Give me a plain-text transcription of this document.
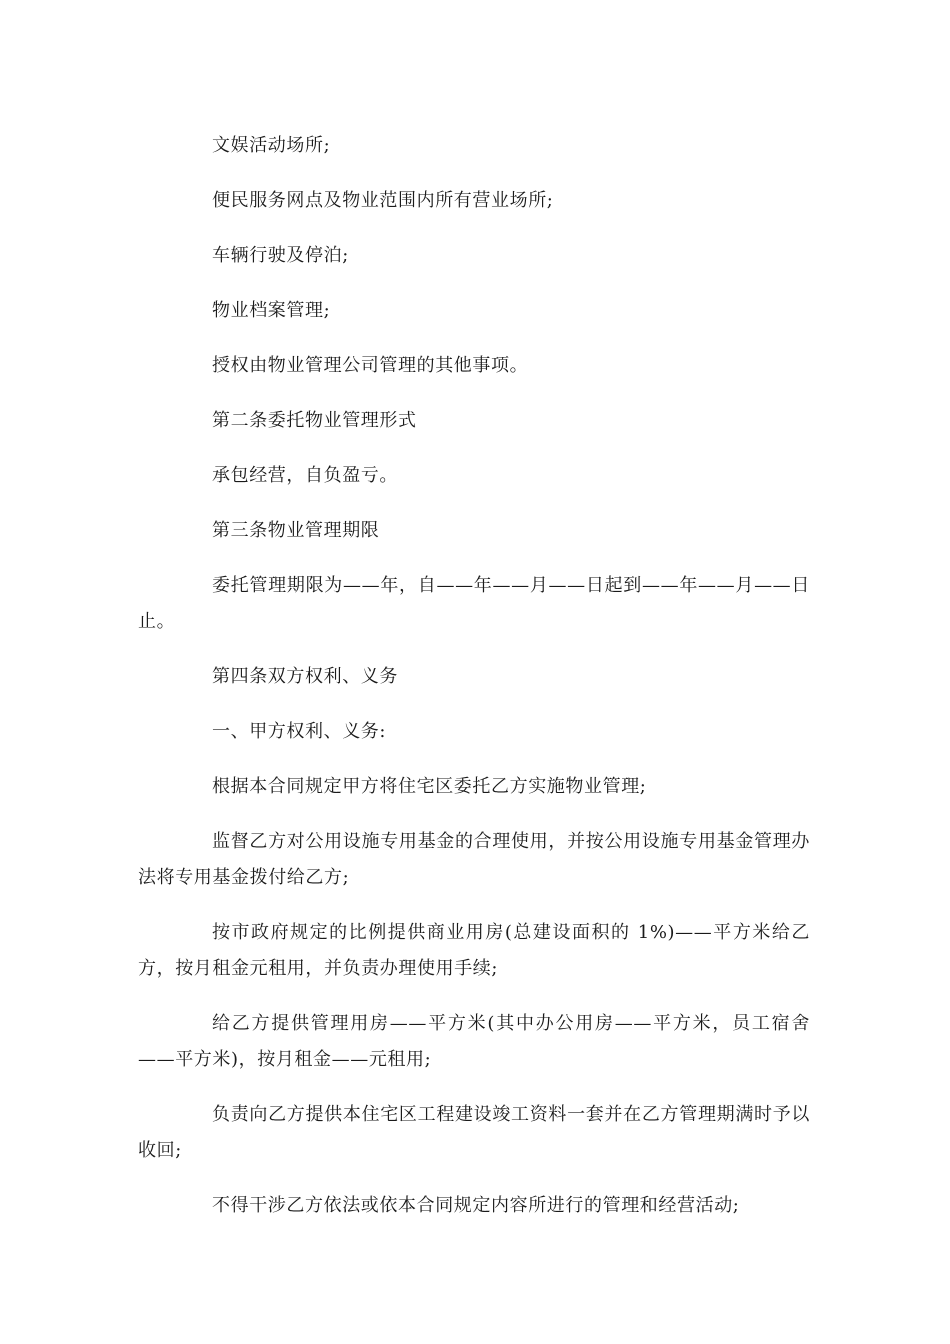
文娱活动场所;

便民服务网点及物业范围内所有营业场所;

车辆行驶及停泊;

物业档案管理;

授权由物业管理公司管理的其他事项。

第二条委托物业管理形式

承包经营，自负盈亏。

第三条物业管理期限

委托管理期限为——年，自——年——月——日起到——年——月——日止。

第四条双方权利、义务

一、甲方权利、义务:

根据本合同规定甲方将住宅区委托乙方实施物业管理;

监督乙方对公用设施专用基金的合理使用，并按公用设施专用基金管理办法将专用基金拨付给乙方;

按市政府规定的比例提供商业用房(总建设面积的 1%)——平方米给乙方，按月租金元租用，并负责办理使用手续;

给乙方提供管理用房——平方米(其中办公用房——平方米，员工宿舍——平方米)，按月租金——元租用;

负责向乙方提供本住宅区工程建设竣工资料一套并在乙方管理期满时予以收回;

不得干涉乙方依法或依本合同规定内容所进行的管理和经营活动;
